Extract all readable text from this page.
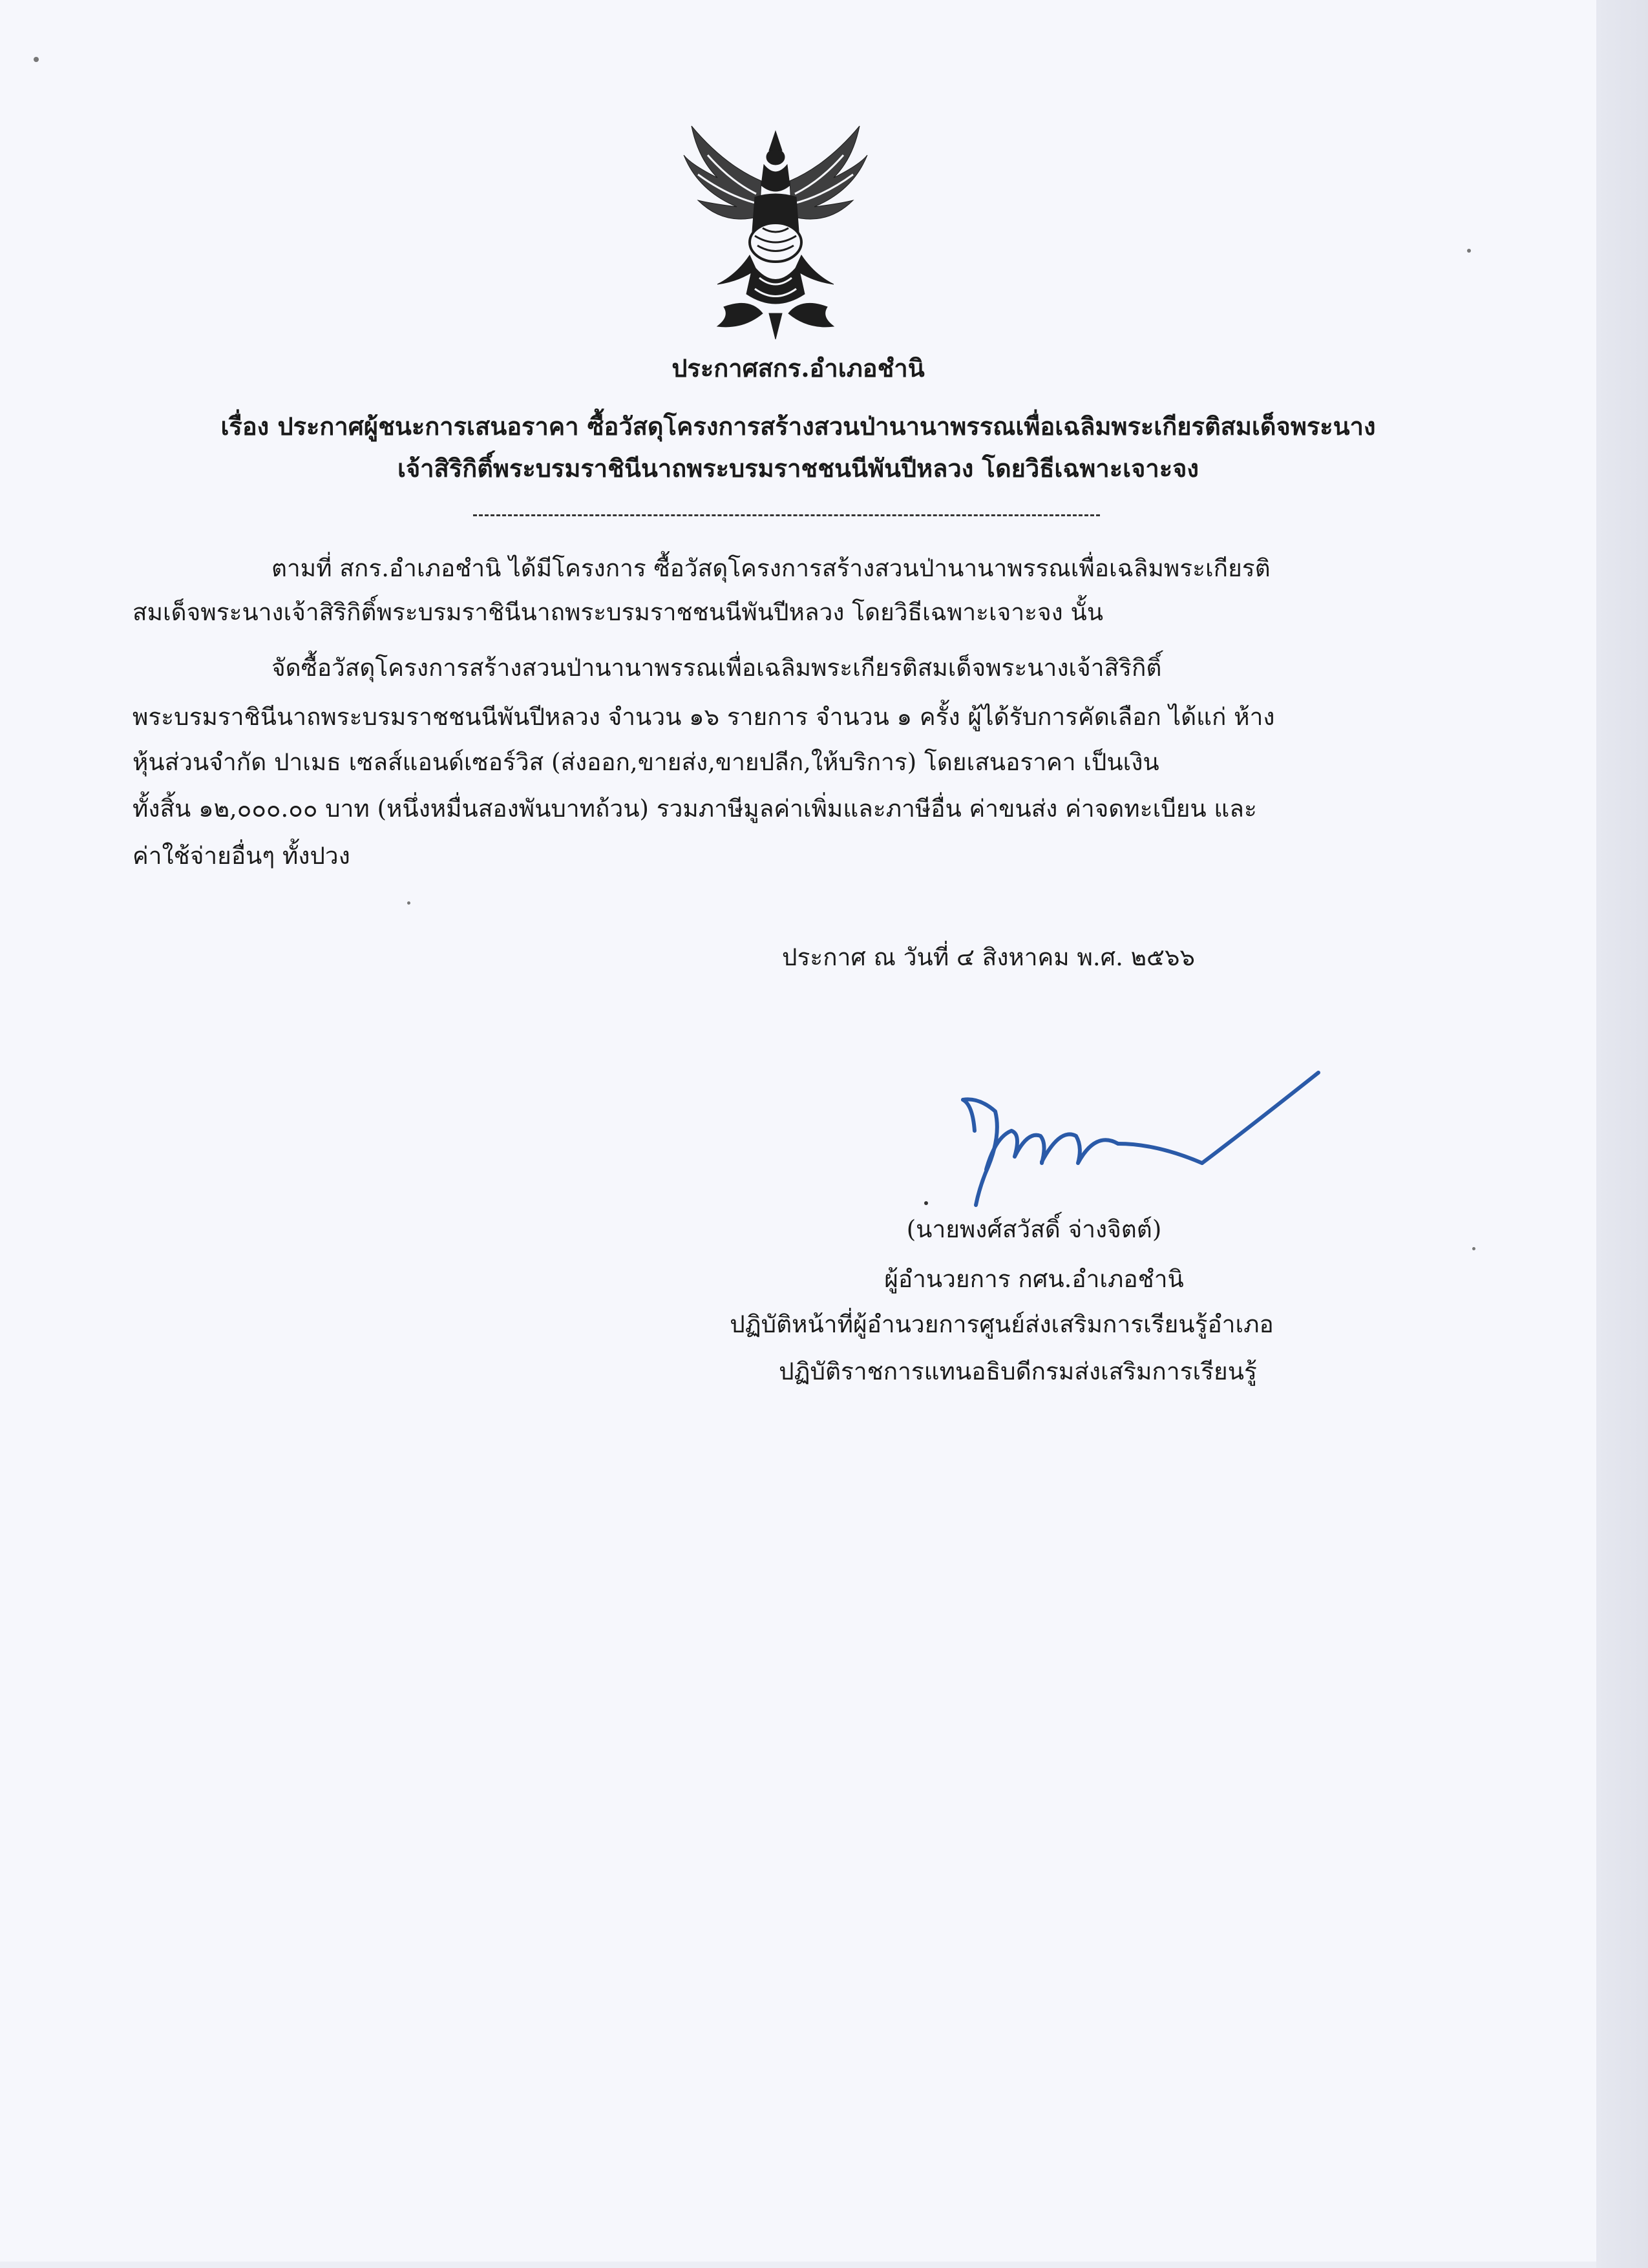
ประกาศสกร.อำเภอชำนิ
เรื่อง ประกาศผู้ชนะการเสนอราคา ซื้อวัสดุโครงการสร้างสวนป่านานาพรรณเพื่อเฉลิมพระเกียรติสมเด็จพระนาง
เจ้าสิริกิติ์พระบรมราชินีนาถพระบรมราชชนนีพันปีหลวง โดยวิธีเฉพาะเจาะจง
ตามที่ สกร.อำเภอชำนิ ได้มีโครงการ ซื้อวัสดุโครงการสร้างสวนป่านานาพรรณเพื่อเฉลิมพระเกียรติ
สมเด็จพระนางเจ้าสิริกิติ์พระบรมราชินีนาถพระบรมราชชนนีพันปีหลวง โดยวิธีเฉพาะเจาะจง นั้น
จัดซื้อวัสดุโครงการสร้างสวนป่านานาพรรณเพื่อเฉลิมพระเกียรติสมเด็จพระนางเจ้าสิริกิติ์
พระบรมราชินีนาถพระบรมราชชนนีพันปีหลวง จำนวน ๑๖ รายการ จำนวน ๑ ครั้ง ผู้ได้รับการคัดเลือก ได้แก่ ห้าง
หุ้นส่วนจำกัด ปาเมธ เซลส์แอนด์เซอร์วิส (ส่งออก,ขายส่ง,ขายปลีก,ให้บริการ) โดยเสนอราคา เป็นเงิน
ทั้งสิ้น ๑๒,๐๐๐.๐๐ บาท (หนึ่งหมื่นสองพันบาทถ้วน) รวมภาษีมูลค่าเพิ่มและภาษีอื่น ค่าขนส่ง ค่าจดทะเบียน และ
ค่าใช้จ่ายอื่นๆ ทั้งปวง
ประกาศ ณ วันที่ ๔ สิงหาคม พ.ศ. ๒๕๖๖
(นายพงศ์สวัสดิ์ จ่างจิตต์)
ผู้อำนวยการ กศน.อำเภอชำนิ
ปฏิบัติหน้าที่ผู้อำนวยการศูนย์ส่งเสริมการเรียนรู้อำเภอ
ปฏิบัติราชการแทนอธิบดีกรมส่งเสริมการเรียนรู้
